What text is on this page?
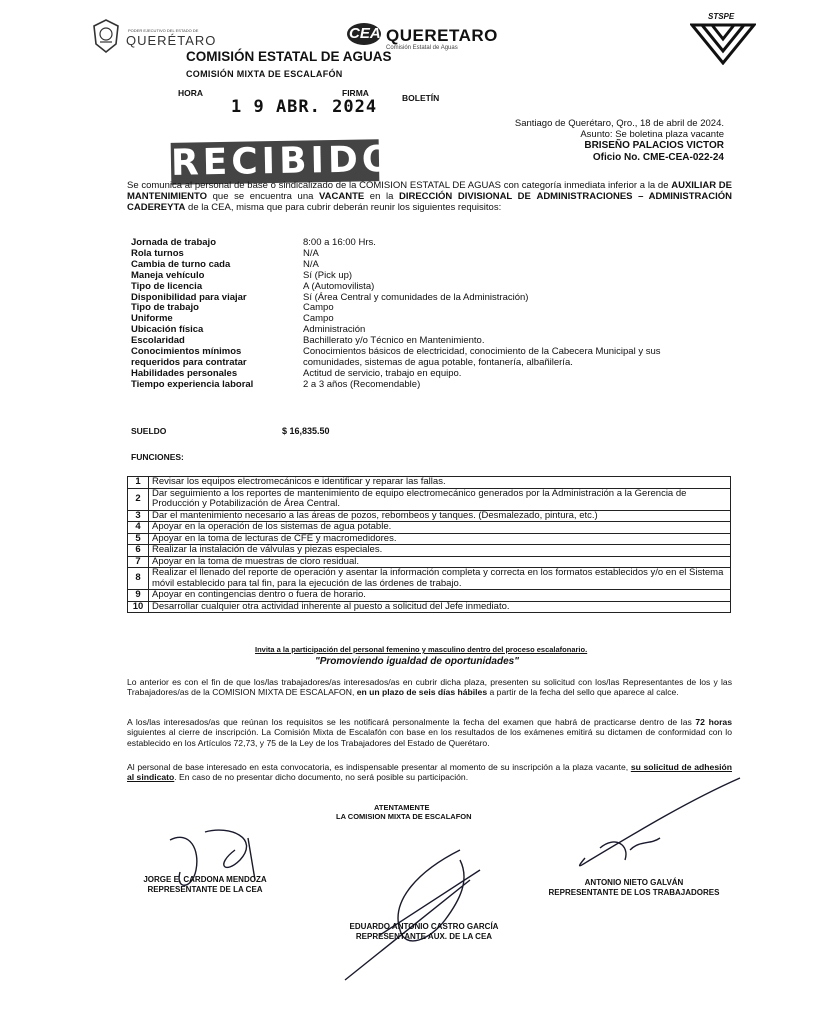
PODER EJECUTIVO DEL ESTADO DE
QUERÉTARO
COMISIÓN ESTATAL DE AGUAS
CEA QUERETARO
Comisión Estatal de Aguas
STSPE
COMISIÓN MIXTA DE ESCALAFÓN
HORA
1 9 ABR. 2024
FIRMA	BOLETÍN
Santiago de Querétaro, Qro., 18 de abril de 2024.
Asunto: Se boletina plaza vacante
BRISEÑO PALACIOS VICTOR
Oficio No. CME-CEA-022-24
RECIBIDO
Se comunica al personal de base o sindicalizado de la COMISION ESTATAL DE AGUAS con categoría inmediata inferior a la de AUXILIAR DE MANTENIMIENTO que se encuentra una VACANTE en la DIRECCIÓN DIVISIONAL DE ADMINISTRACIONES – ADMINISTRACIÓN CADEREYTA de la CEA, misma que para cubrir deberán reunir los siguientes requisitos:
Jornada de trabajo	8:00 a 16:00 Hrs.
Rola turnos	N/A
Cambia de turno cada	N/A
Maneja vehículo	Sí (Pick up)
Tipo de licencia	A (Automovilista)
Disponibilidad para viajar	Sí (Área Central y comunidades de la Administración)
Tipo de trabajo	Campo
Uniforme	Campo
Ubicación física	Administración
Escolaridad	Bachillerato y/o Técnico en Mantenimiento.
Conocimientos mínimos	Conocimientos básicos de electricidad, conocimiento de la Cabecera Municipal y sus
requeridos para contratar	comunidades, sistemas de agua potable, fontanería, albañilería.
Habilidades personales	Actitud de servicio, trabajo en equipo.
Tiempo experiencia laboral	2 a 3 años (Recomendable)
SUELDO	$ 16,835.50
FUNCIONES:
1	Revisar los equipos electromecánicos e identificar y reparar las fallas.
2	Dar seguimiento a los reportes de mantenimiento de equipo electromecánico generados por la Administración a la Gerencia de Producción y Potabilización de Área Central.
3	Dar el mantenimiento necesario a las áreas de pozos, rebombeos y tanques. (Desmalezado, pintura, etc.)
4	Apoyar en la operación de los sistemas de agua potable.
5	Apoyar en la toma de lecturas de CFE y macromedidores.
6	Realizar la instalación de válvulas y piezas especiales.
7	Apoyar en la toma de muestras de cloro residual.
8	Realizar el llenado del reporte de operación y asentar la información completa y correcta en los formatos establecidos y/o en el Sistema móvil establecido para tal fin, para la ejecución de las órdenes de trabajo.
9	Apoyar en contingencias dentro o fuera de horario.
10	Desarrollar cualquier otra actividad inherente al puesto a solicitud del Jefe inmediato.
Invita a la participación del personal femenino y masculino dentro del proceso escalafonario.
"Promoviendo igualdad de oportunidades"
Lo anterior es con el fin de que los/las trabajadores/as interesados/as en cubrir dicha plaza, presenten su solicitud con los/las Representantes de los y las Trabajadores/as de la COMISION MIXTA DE ESCALAFON, en un plazo de seis días hábiles a partir de la fecha del sello que aparece al calce.
A los/las interesados/as que reúnan los requisitos se les notificará personalmente la fecha del examen que habrá de practicarse dentro de las 72 horas siguientes al cierre de inscripción. La Comisión Mixta de Escalafón con base en los resultados de los exámenes emitirá su dictamen de conformidad con lo establecido en los Artículos 72,73, y 75 de la Ley de los Trabajadores del Estado de Querétaro.
Al personal de base interesado en esta convocatoria, es indispensable presentar al momento de su inscripción a la plaza vacante, su solicitud de adhesión al sindicato. En caso de no presentar dicho documento, no será posible su participación.
ATENTAMENTE
LA COMISION MIXTA DE ESCALAFON
JORGE E. CARDONA MENDOZA
REPRESENTANTE DE LA CEA
ANTONIO NIETO GALVÁN
REPRESENTANTE DE LOS TRABAJADORES
EDUARDO ANTONIO CASTRO GARCÍA
REPRESENTANTE AUX. DE LA CEA
